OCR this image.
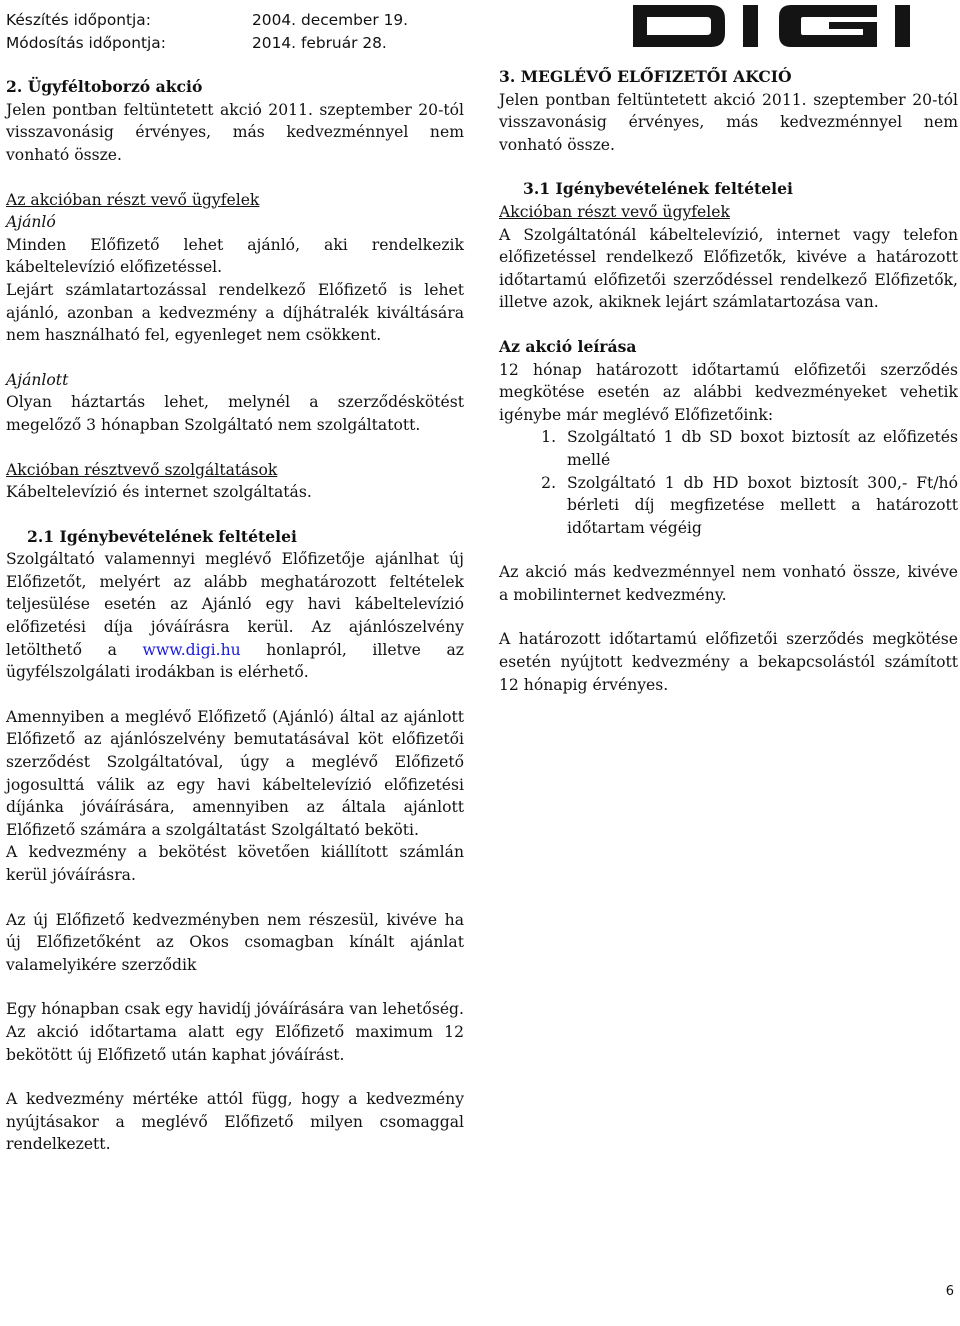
Készítés időpontja:	2004. december 19.
Módosítás időpontja:	2014. február 28.

2. Ügyféltoborzó akció

Jelen pontban feltüntetett akció 2011. szeptember 20-tól visszavonásig érvényes, más kedvezménnyel nem vonható össze.

Az akcióban részt vevő ügyfelek

Ajánló

Minden Előfizető lehet ajánló, aki rendelkezik kábeltelevízió előfizetéssel.

Lejárt számlatartozással rendelkező Előfizető is lehet ajánló, azonban a kedvezmény a díjhátralék kiváltására nem használható fel, egyenleget nem csökkent.

Ajánlott

Olyan háztartás lehet, melynél a szerződéskötést megelőző 3 hónapban Szolgáltató nem szolgáltatott.

Akcióban résztvevő szolgáltatások

Kábeltelevízió és internet szolgáltatás.

2.1 Igénybevételének feltételei

Szolgáltató valamennyi meglévő Előfizetője ajánlhat új Előfizetőt, melyért az alább meghatározott feltételek teljesülése esetén az Ajánló egy havi kábeltelevízió előfizetési díja jóváírásra kerül. Az ajánlószelvény letölthető a www.digi.hu honlapról, illetve az ügyfélszolgálati irodákban is elérhető.

Amennyiben a meglévő Előfizető (Ajánló) által az ajánlott Előfizető az ajánlószelvény bemutatásával köt előfizetői szerződést Szolgáltatóval, úgy a meglévő Előfizető jogosulttá válik az egy havi kábeltelevízió előfizetési díjánka jóváírására, amennyiben az általa ajánlott Előfizető számára a szolgáltatást Szolgáltató beköti.

A kedvezmény a bekötést követően kiállított számlán kerül jóváírásra.

Az új Előfizető kedvezményben nem részesül, kivéve ha új Előfizetőként az Okos csomagban kínált ajánlat valamelyikére szerződik

Egy hónapban csak egy havidíj jóváírására van lehetőség. Az akció időtartama alatt egy Előfizető maximum 12 bekötött új Előfizető után kaphat jóváírást.

A kedvezmény mértéke attól függ, hogy a kedvezmény nyújtásakor a meglévő Előfizető milyen csomaggal rendelkezett.

3. MEGLÉVŐ ELŐFIZETŐI AKCIÓ

Jelen pontban feltüntetett akció 2011. szeptember 20-tól visszavonásig érvényes, más kedvezménnyel nem vonható össze.

3.1 Igénybevételének feltételei

Akcióban részt vevő ügyfelek

A Szolgáltatónál kábeltelevízió, internet vagy telefon előfizetéssel rendelkező Előfizetők, kivéve a határozott időtartamú előfizetői szerződéssel rendelkező Előfizetők, illetve azok, akiknek lejárt számlatartozása van.

Az akció leírása

12 hónap határozott időtartamú előfizetői szerződés megkötése esetén az alábbi kedvezményeket vehetik igénybe már meglévő Előfizetőink:

1. Szolgáltató 1 db SD boxot biztosít az előfizetés mellé
2. Szolgáltató 1 db HD boxot biztosít 300,- Ft/hó bérleti díj megfizetése mellett a határozott időtartam végéig

Az akció más kedvezménnyel nem vonható össze, kivéve a mobilinternet kedvezmény.

A határozott időtartamú előfizetői szerződés megkötése esetén nyújtott kedvezmény a bekapcsolástól számított 12 hónapig érvényes.

6
